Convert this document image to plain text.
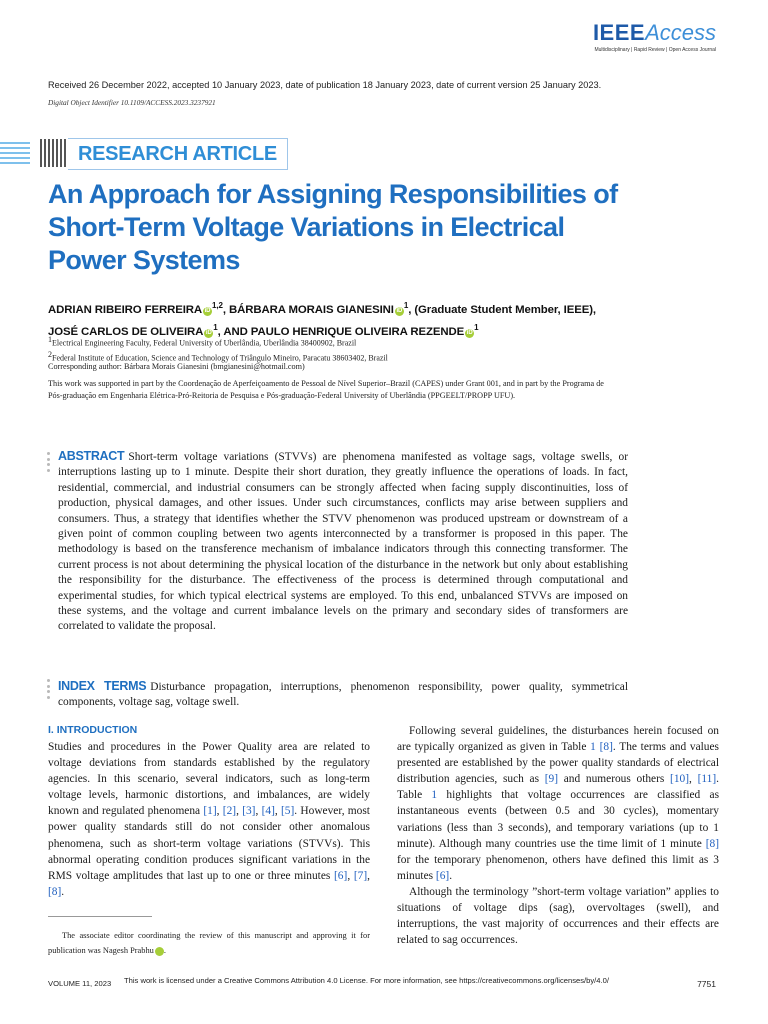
IEEEAccess
Multidisciplinary | Rapid Review | Open Access Journal
Received 26 December 2022, accepted 10 January 2023, date of publication 18 January 2023, date of current version 25 January 2023.
Digital Object Identifier 10.1109/ACCESS.2023.3237921
RESEARCH ARTICLE
An Approach for Assigning Responsibilities of Short-Term Voltage Variations in Electrical Power Systems
ADRIAN RIBEIRO FERREIRA iD$^{1,2}$, BÁRBARA MORAIS GIANESINI $iD^1$, (Graduate Student Member, IEEE),
JOSÉ CARLOS DE OLIVEIRA $iD^1$, AND PAULO HENRIQUE OLIVEIRA REZENDE $iD^1$
$^1$Electrical Engineering Faculty, Federal University of Uberlândia, Uberlândia 38400902, Brazil
$^2$Federal Institute of Education, Science and Technology of Triângulo Mineiro, Paracatu 38603402, Brazil
Corresponding author: Bárbara Morais Gianesini (bmgianesini@hotmail.com)
This work was supported in part by the Coordenação de Aperfeiçoamento de Pessoal de Nível Superior–Brazil (CAPES) under Grant 001, and in part by the Programa de Pós-graduação em Engenharia Elétrica-Pró-Reitoria de Pesquisa e Pós-graduação-Federal University of Uberlândia (PPGEELT/PROPP UFU).
ABSTRACT Short-term voltage variations (STVVs) are phenomena manifested as voltage sags, voltage swells, or interruptions lasting up to 1 minute. Despite their short duration, they greatly influence the operations of loads. In fact, residential, commercial, and industrial consumers can be strongly affected when facing supply discontinuities, loss of production, physical damages, and other issues. Under such circumstances, conflicts may arise between suppliers and consumers. Thus, a strategy that identifies whether the STVV phenomenon was produced upstream or downstream of a given point of common coupling between two agents interconnected by a transformer is proposed in this paper. The methodology is based on the transference mechanism of imbalance indicators through this connecting transformer. The current process is not about determining the physical location of the disturbance in the network but only about establishing the responsibility for the disturbance. The effectiveness of the process is determined through computational and experimental studies, for which typical electrical systems are employed. To this end, unbalanced STVVs are imposed on these systems, and the voltage and current imbalance levels on the primary and secondary sides of transformers are correlated to validate the proposal.
INDEX TERMS Disturbance propagation, interruptions, phenomenon responsibility, power quality, symmetrical components, voltage sag, voltage swell.
I. INTRODUCTION

Studies and procedures in the Power Quality area are related to voltage deviations from standards established by the regulatory agencies. In this scenario, several indicators, such as long-term voltage levels, harmonic distortions, and imbalances, are widely known and regulated phenomena [1], [2], [3], [4], [5]. However, most power quality standards still do not consider other anomalous phenomena, such as short-term voltage variations (STVVs). This abnormal operating condition produces significant variations in the RMS voltage amplitudes that last up to one or three minutes [6], [7], [8].

Following several guidelines, the disturbances herein focused on are typically organized as given in Table 1 [8]. The terms and values presented are established by the power quality standards of electrical distribution agencies, such as [9] and numerous others [10], [11]. Table 1 highlights that voltage occurrences are classified as instantaneous events (between 0.5 and 30 cycles), momentary variations (less than 3 seconds), and temporary variations (up to 1 minute). Although many countries use the time limit of 1 minute [8] for the temporary phenomenon, others have defined this limit as 3 minutes [6].

Although the terminology ”short-term voltage variation” applies to situations of voltage dips (sag), overvoltages (swell), and interruptions, the vast majority of occurrences and their effects are related to sag occurrences.

The associate editor coordinating the review of this manuscript and approving it for publication was Nagesh Prabhu	iD.
VOLUME 11, 2023 This work is licensed under a Creative Commons Attribution 4.0 License. For more information, see https://creativecommons.org/licenses/by/4.0/	7751
